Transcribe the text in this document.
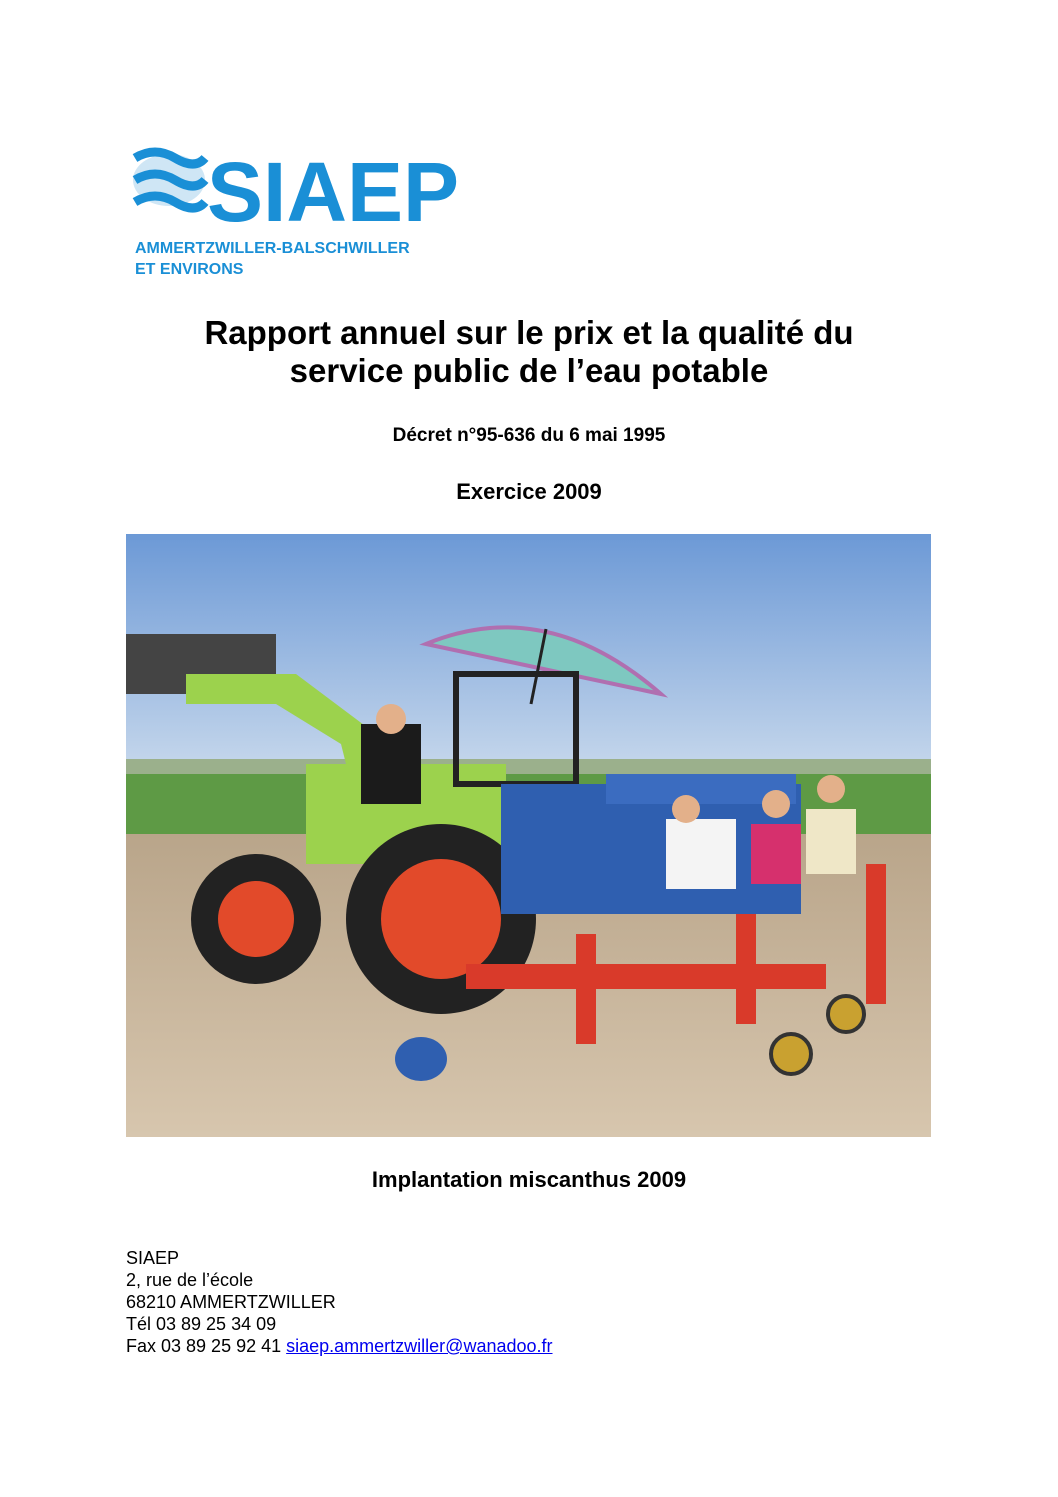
SIAEP
AMMERTZWILLER-BALSCHWILLER
ET ENVIRONS
Rapport annuel sur le prix et la qualité du
service public de l’eau potable
Décret n°95-636 du 6 mai 1995
Exercice 2009
Implantation miscanthus 2009
SIAEP
2, rue de l’école
68210 AMMERTZWILLER
Tél 03 89 25 34 09
Fax 03 89 25 92 41 siaep.ammertzwiller@wanadoo.fr
